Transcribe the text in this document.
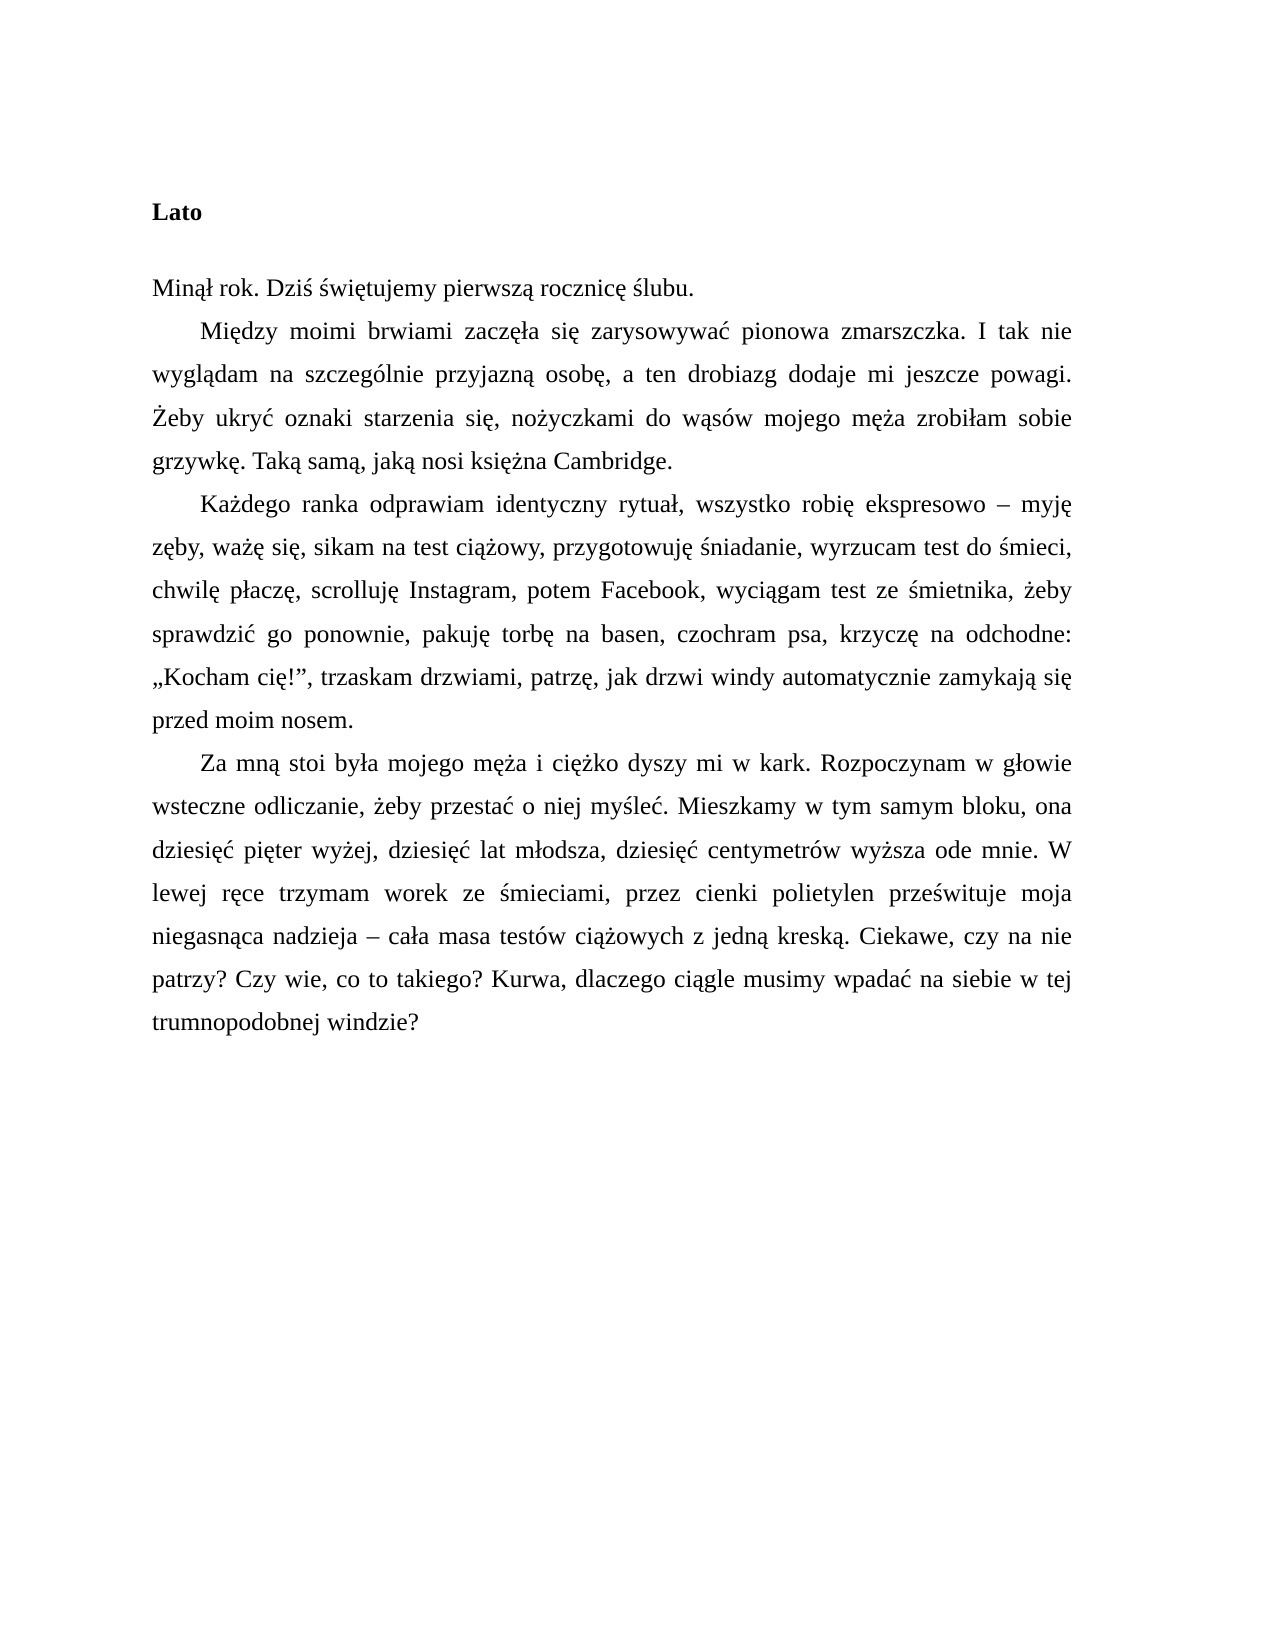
Lato

Minął rok. Dziś świętujemy pierwszą rocznicę ślubu.

Między moimi brwiami zaczęła się zarysowywać pionowa zmarszczka. I tak nie wyglądam na szczególnie przyjazną osobę, a ten drobiazg dodaje mi jeszcze powagi. Żeby ukryć oznaki starzenia się, nożyczkami do wąsów mojego męża zrobiłam sobie grzywkę. Taką samą, jaką nosi księżna Cambridge.

Każdego ranka odprawiam identyczny rytuał, wszystko robię ekspresowo – myję zęby, ważę się, sikam na test ciążowy, przygotowuję śniadanie, wyrzucam test do śmieci, chwilę płaczę, scrolluję Instagram, potem Facebook, wyciągam test ze śmietnika, żeby sprawdzić go ponownie, pakuję torbę na basen, czochram psa, krzyczę na odchodne: „Kocham cię!”, trzaskam drzwiami, patrzę, jak drzwi windy automatycznie zamykają się przed moim nosem.

Za mną stoi była mojego męża i ciężko dyszy mi w kark. Rozpoczynam w głowie wsteczne odliczanie, żeby przestać o niej myśleć. Mieszkamy w tym samym bloku, ona dziesięć pięter wyżej, dziesięć lat młodsza, dziesięć centymetrów wyższa ode mnie. W lewej ręce trzymam worek ze śmieciami, przez cienki polietylen prześwituje moja niegasnąca nadzieja – cała masa testów ciążowych z jedną kreską. Ciekawe, czy na nie patrzy? Czy wie, co to takiego? Kurwa, dlaczego ciągle musimy wpadać na siebie w tej trumnopodobnej windzie?
